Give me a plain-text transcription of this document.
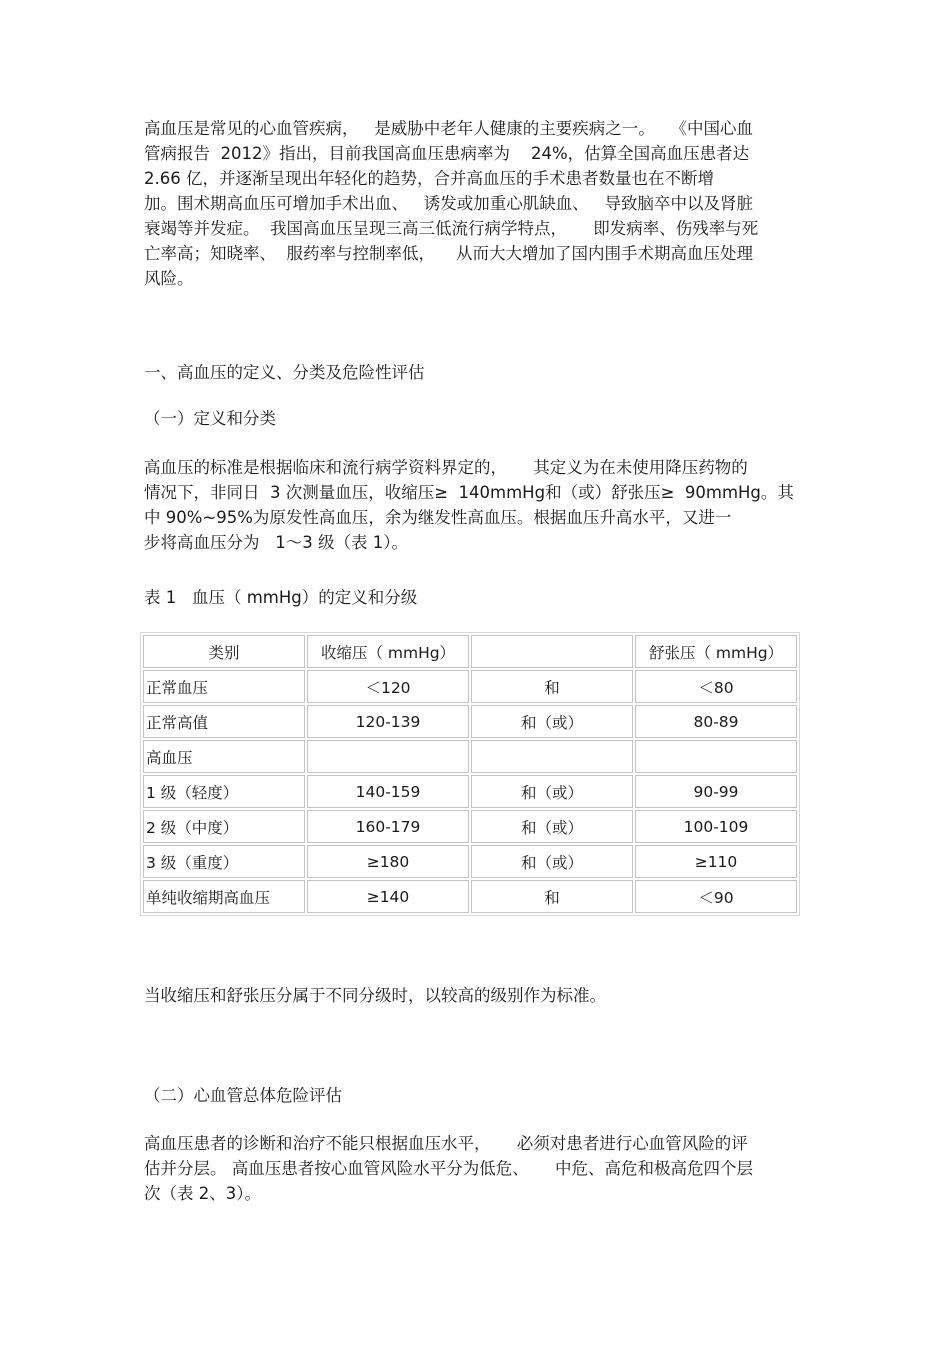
高血压是常见的心血管疾病，   是威胁中老年人健康的主要疾病之一。   《中国心血
管病报告  2012》指出，目前我国高血压患病率为    24%，估算全国高血压患者达
2.66 亿，并逐渐呈现出年轻化的趋势，合并高血压的手术患者数量也在不断增
加。围术期高血压可增加手术出血、   诱发或加重心肌缺血、   导致脑卒中以及肾脏
衰竭等并发症。  我国高血压呈现三高三低流行病学特点，     即发病率、伤残率与死
亡率高；知晓率、  服药率与控制率低，    从而大大增加了国内围手术期高血压处理
风险。
一、高血压的定义、分类及危险性评估
（一）定义和分类
高血压的标准是根据临床和流行病学资料界定的，     其定义为在未使用降压药物的
情况下，非同日  3 次测量血压，收缩压≥  140mmHg和（或）舒张压≥  90mmHg。其
中 90%~95%为原发性高血压，余为继发性高血压。根据血压升高水平，又进一
步将高血压分为   1～3 级（表 1）。
表 1   血压（ mmHg）的定义和分级
类别	收缩压（ mmHg）		舒张压（ mmHg）
正常血压	＜120	和	＜80
正常高值	120-139	和（或）	80-89
高血压			
1 级（轻度）	140-159	和（或）	90-99
2 级（中度）	160-179	和（或）	100-109
3 级（重度）	≥180	和（或）	≥110
单纯收缩期高血压	≥140	和	＜90
当收缩压和舒张压分属于不同分级时，以较高的级别作为标准。
（二）心血管总体危险评估
高血压患者的诊断和治疗不能只根据血压水平，     必须对患者进行心血管风险的评
估并分层。 高血压患者按心血管风险水平分为低危、     中危、高危和极高危四个层
次（表 2、3）。
